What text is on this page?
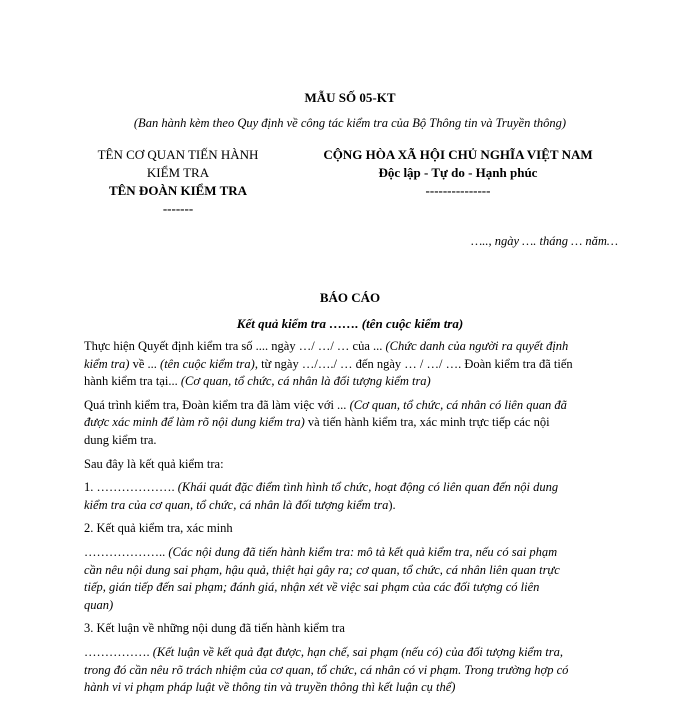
MẪU SỐ 05-KT
(Ban hành kèm theo Quy định về công tác kiểm tra của Bộ Thông tin và Truyền thông)
TÊN CƠ QUAN TIẾN HÀNH
KIỂM TRA
TÊN ĐOÀN KIỂM TRA
-------
CỘNG HÒA XÃ HỘI CHỦ NGHĨA VIỆT NAM
Độc lập - Tự do - Hạnh phúc
---------------
….., ngày …. tháng … năm…
BÁO CÁO
Kết quả kiểm tra ……. (tên cuộc kiểm tra)

Thực hiện Quyết định kiểm tra số .... ngày …/ …/ … của ... (Chức danh của người ra quyết định
kiểm tra) về ... (tên cuộc kiểm tra), từ ngày …/…./ … đến ngày … / …/ …. Đoàn kiểm tra đã tiến
hành kiểm tra tại... (Cơ quan, tổ chức, cá nhân là đối tượng kiểm tra)

Quá trình kiểm tra, Đoàn kiểm tra đã làm việc với ... (Cơ quan, tổ chức, cá nhân có liên quan đã
được xác minh để làm rõ nội dung kiểm tra) và tiến hành kiểm tra, xác minh trực tiếp các nội
dung kiểm tra.

Sau đây là kết quả kiểm tra:

1. ………………. (Khái quát đặc điểm tình hình tổ chức, hoạt động có liên quan đến nội dung
kiểm tra của cơ quan, tổ chức, cá nhân là đối tượng kiểm tra).

2. Kết quả kiểm tra, xác minh

……………….. (Các nội dung đã tiến hành kiểm tra: mô tả kết quả kiểm tra, nếu có sai phạm
cần nêu nội dung sai phạm, hậu quả, thiệt hại gây ra; cơ quan, tổ chức, cá nhân liên quan trực
tiếp, gián tiếp đến sai phạm; đánh giá, nhận xét về việc sai phạm của các đối tượng có liên
quan)

3. Kết luận về những nội dung đã tiến hành kiểm tra

……………. (Kết luận về kết quả đạt được, hạn chế, sai phạm (nếu có) của đối tượng kiểm tra,
trong đó cần nêu rõ trách nhiệm của cơ quan, tổ chức, cá nhân có vi phạm. Trong trường hợp có
hành vi vi phạm pháp luật về thông tin và truyền thông thì kết luận cụ thể)
